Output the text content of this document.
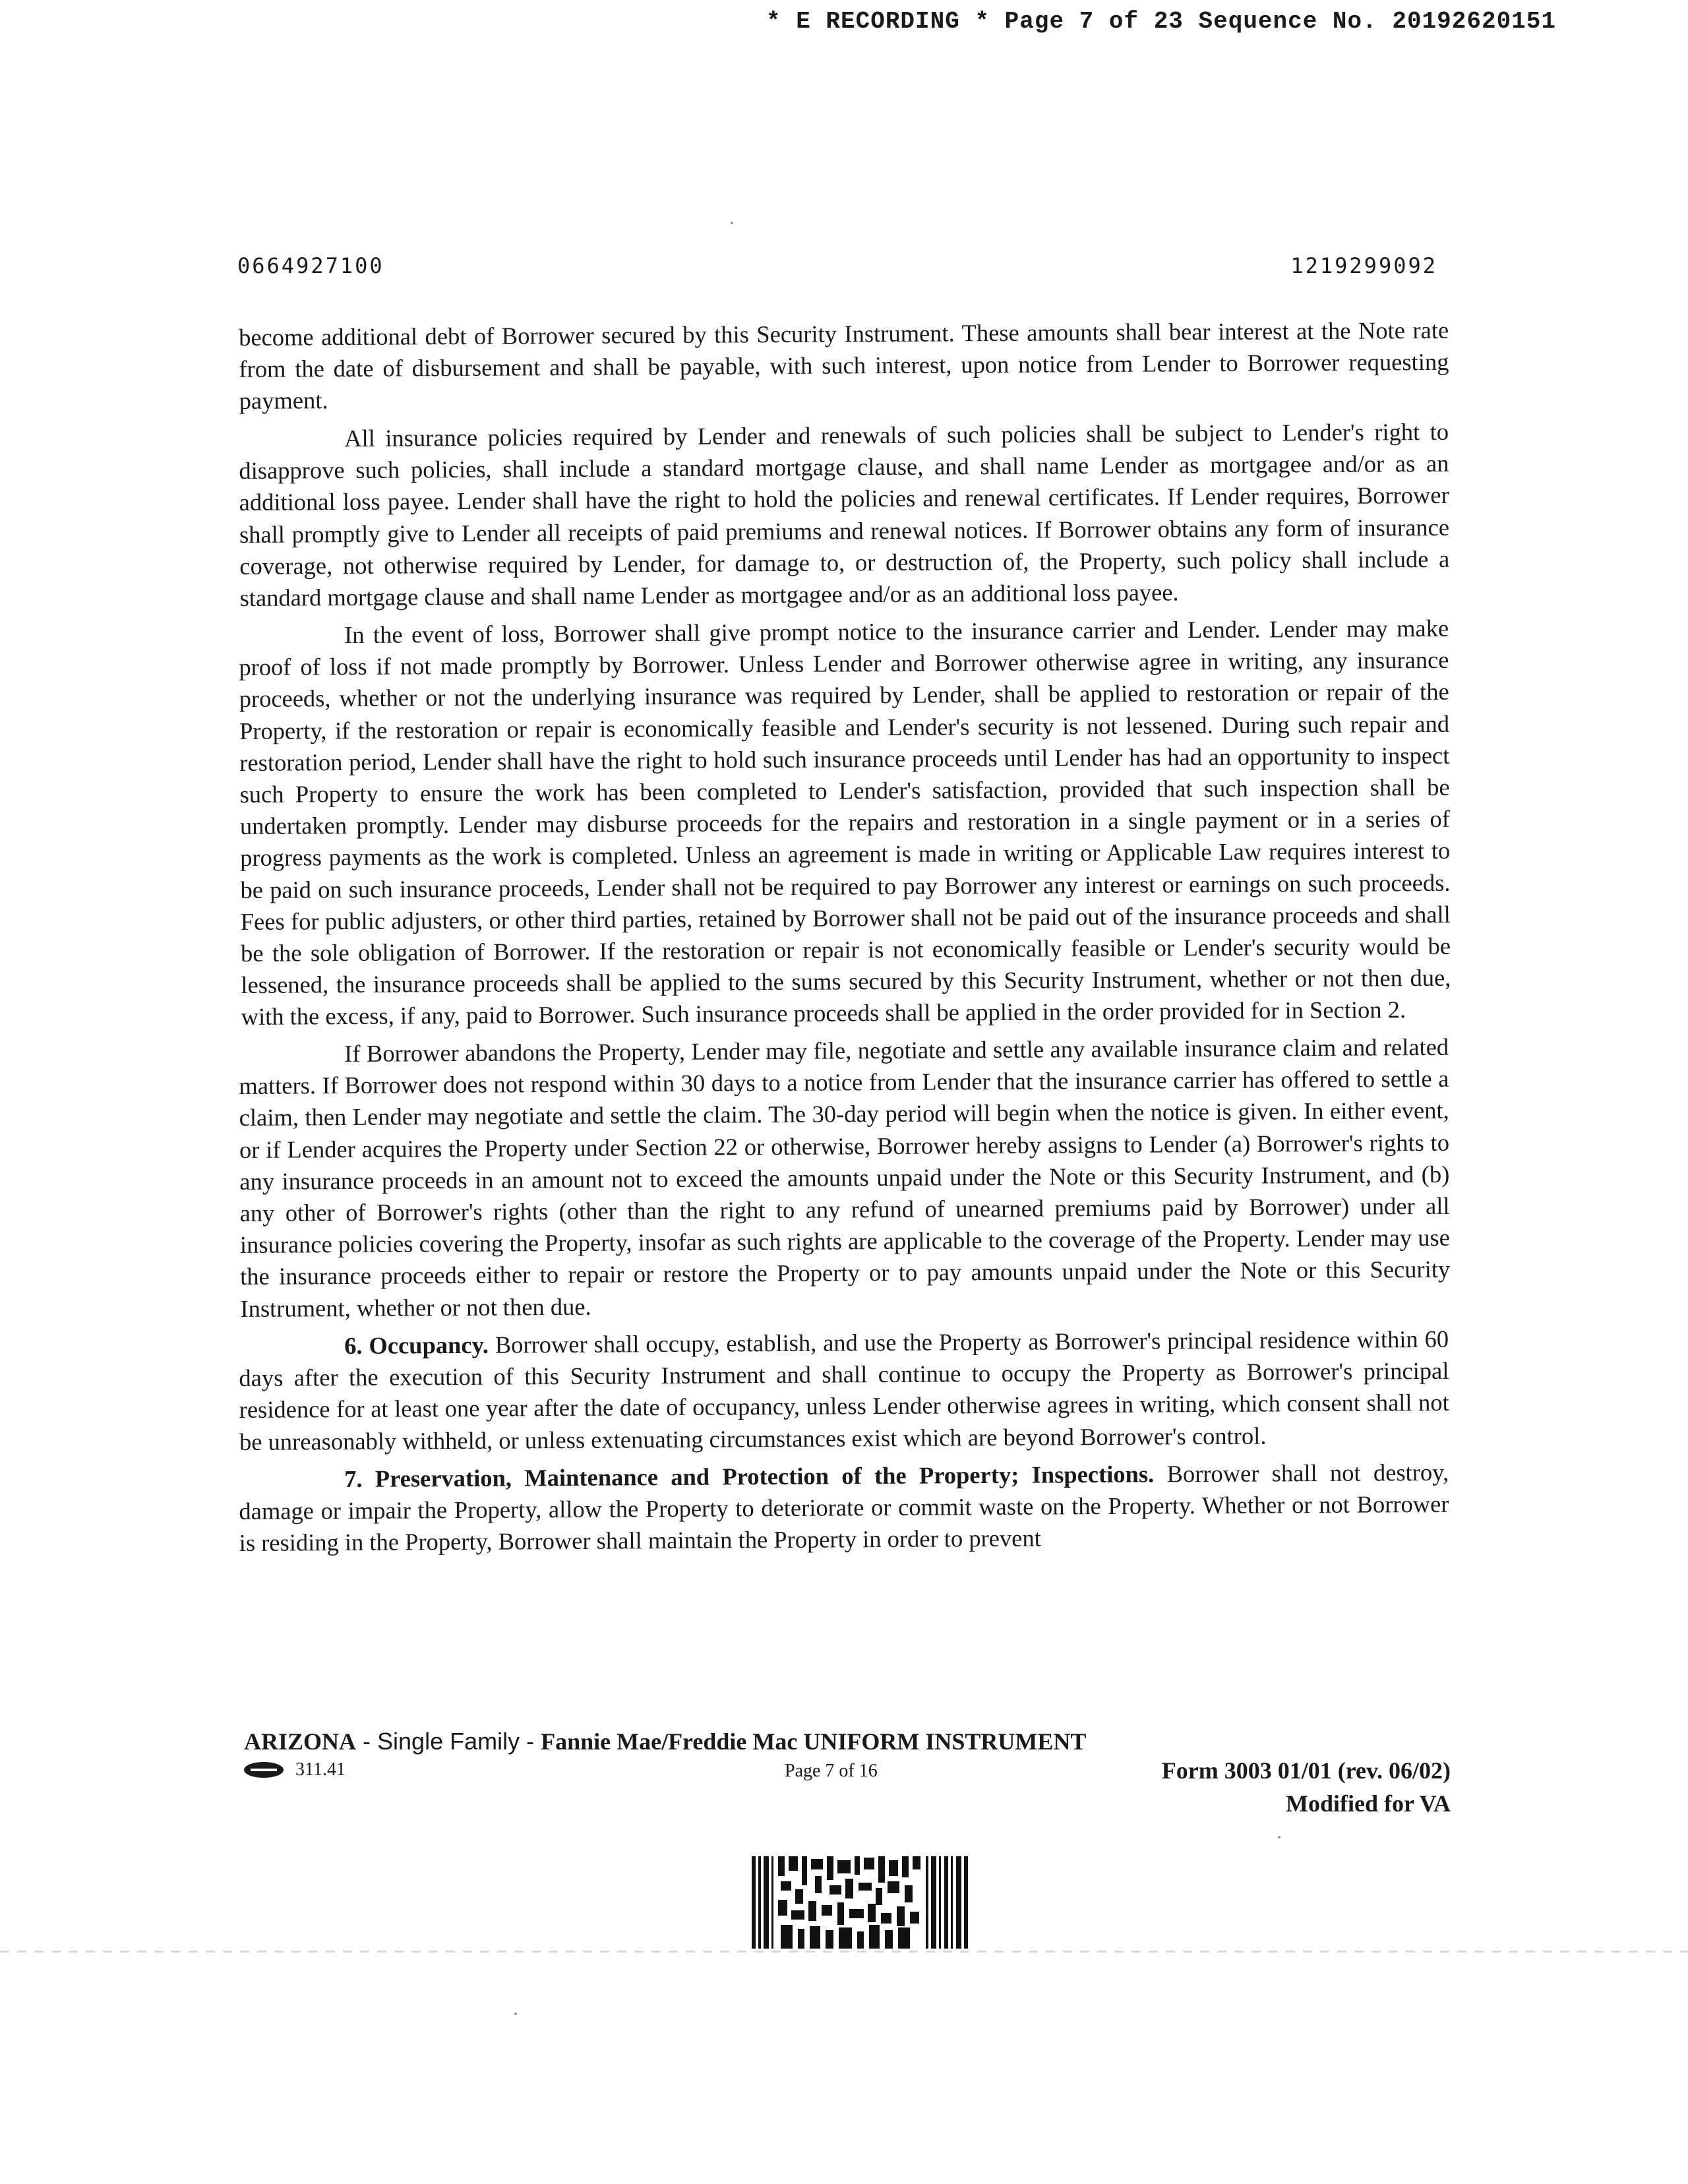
* E RECORDING * Page 7 of 23 Sequence No. 20192620151
0664927100	1219299092

become additional debt of Borrower secured by this Security Instrument. These amounts shall bear interest at the Note rate from the date of disbursement and shall be payable, with such interest, upon notice from Lender to Borrower requesting payment.

All insurance policies required by Lender and renewals of such policies shall be subject to Lender's right to disapprove such policies, shall include a standard mortgage clause, and shall name Lender as mortgagee and/or as an additional loss payee. Lender shall have the right to hold the policies and renewal certificates. If Lender requires, Borrower shall promptly give to Lender all receipts of paid premiums and renewal notices. If Borrower obtains any form of insurance coverage, not otherwise required by Lender, for damage to, or destruction of, the Property, such policy shall include a standard mortgage clause and shall name Lender as mortgagee and/or as an additional loss payee.

In the event of loss, Borrower shall give prompt notice to the insurance carrier and Lender. Lender may make proof of loss if not made promptly by Borrower. Unless Lender and Borrower otherwise agree in writing, any insurance proceeds, whether or not the underlying insurance was required by Lender, shall be applied to restoration or repair of the Property, if the restoration or repair is economically feasible and Lender's security is not lessened. During such repair and restoration period, Lender shall have the right to hold such insurance proceeds until Lender has had an opportunity to inspect such Property to ensure the work has been completed to Lender's satisfaction, provided that such inspection shall be undertaken promptly. Lender may disburse proceeds for the repairs and restoration in a single payment or in a series of progress payments as the work is completed. Unless an agreement is made in writing or Applicable Law requires interest to be paid on such insurance proceeds, Lender shall not be required to pay Borrower any interest or earnings on such proceeds. Fees for public adjusters, or other third parties, retained by Borrower shall not be paid out of the insurance proceeds and shall be the sole obligation of Borrower. If the restoration or repair is not economically feasible or Lender's security would be lessened, the insurance proceeds shall be applied to the sums secured by this Security Instrument, whether or not then due, with the excess, if any, paid to Borrower. Such insurance proceeds shall be applied in the order provided for in Section 2.

If Borrower abandons the Property, Lender may file, negotiate and settle any available insurance claim and related matters. If Borrower does not respond within 30 days to a notice from Lender that the insurance carrier has offered to settle a claim, then Lender may negotiate and settle the claim. The 30-day period will begin when the notice is given. In either event, or if Lender acquires the Property under Section 22 or otherwise, Borrower hereby assigns to Lender (a) Borrower's rights to any insurance proceeds in an amount not to exceed the amounts unpaid under the Note or this Security Instrument, and (b) any other of Borrower's rights (other than the right to any refund of unearned premiums paid by Borrower) under all insurance policies covering the Property, insofar as such rights are applicable to the coverage of the Property. Lender may use the insurance proceeds either to repair or restore the Property or to pay amounts unpaid under the Note or this Security Instrument, whether or not then due.

6. Occupancy. Borrower shall occupy, establish, and use the Property as Borrower's principal residence within 60 days after the execution of this Security Instrument and shall continue to occupy the Property as Borrower's principal residence for at least one year after the date of occupancy, unless Lender otherwise agrees in writing, which consent shall not be unreasonably withheld, or unless extenuating circumstances exist which are beyond Borrower's control.

7. Preservation, Maintenance and Protection of the Property; Inspections. Borrower shall not destroy, damage or impair the Property, allow the Property to deteriorate or commit waste on the Property. Whether or not Borrower is residing in the Property, Borrower shall maintain the Property in order to prevent

ARIZONA - Single Family - Fannie Mae/Freddie Mac UNIFORM INSTRUMENT
311.41	Page 7 of 16	Form 3003 01/01 (rev. 06/02)
Modified for VA
